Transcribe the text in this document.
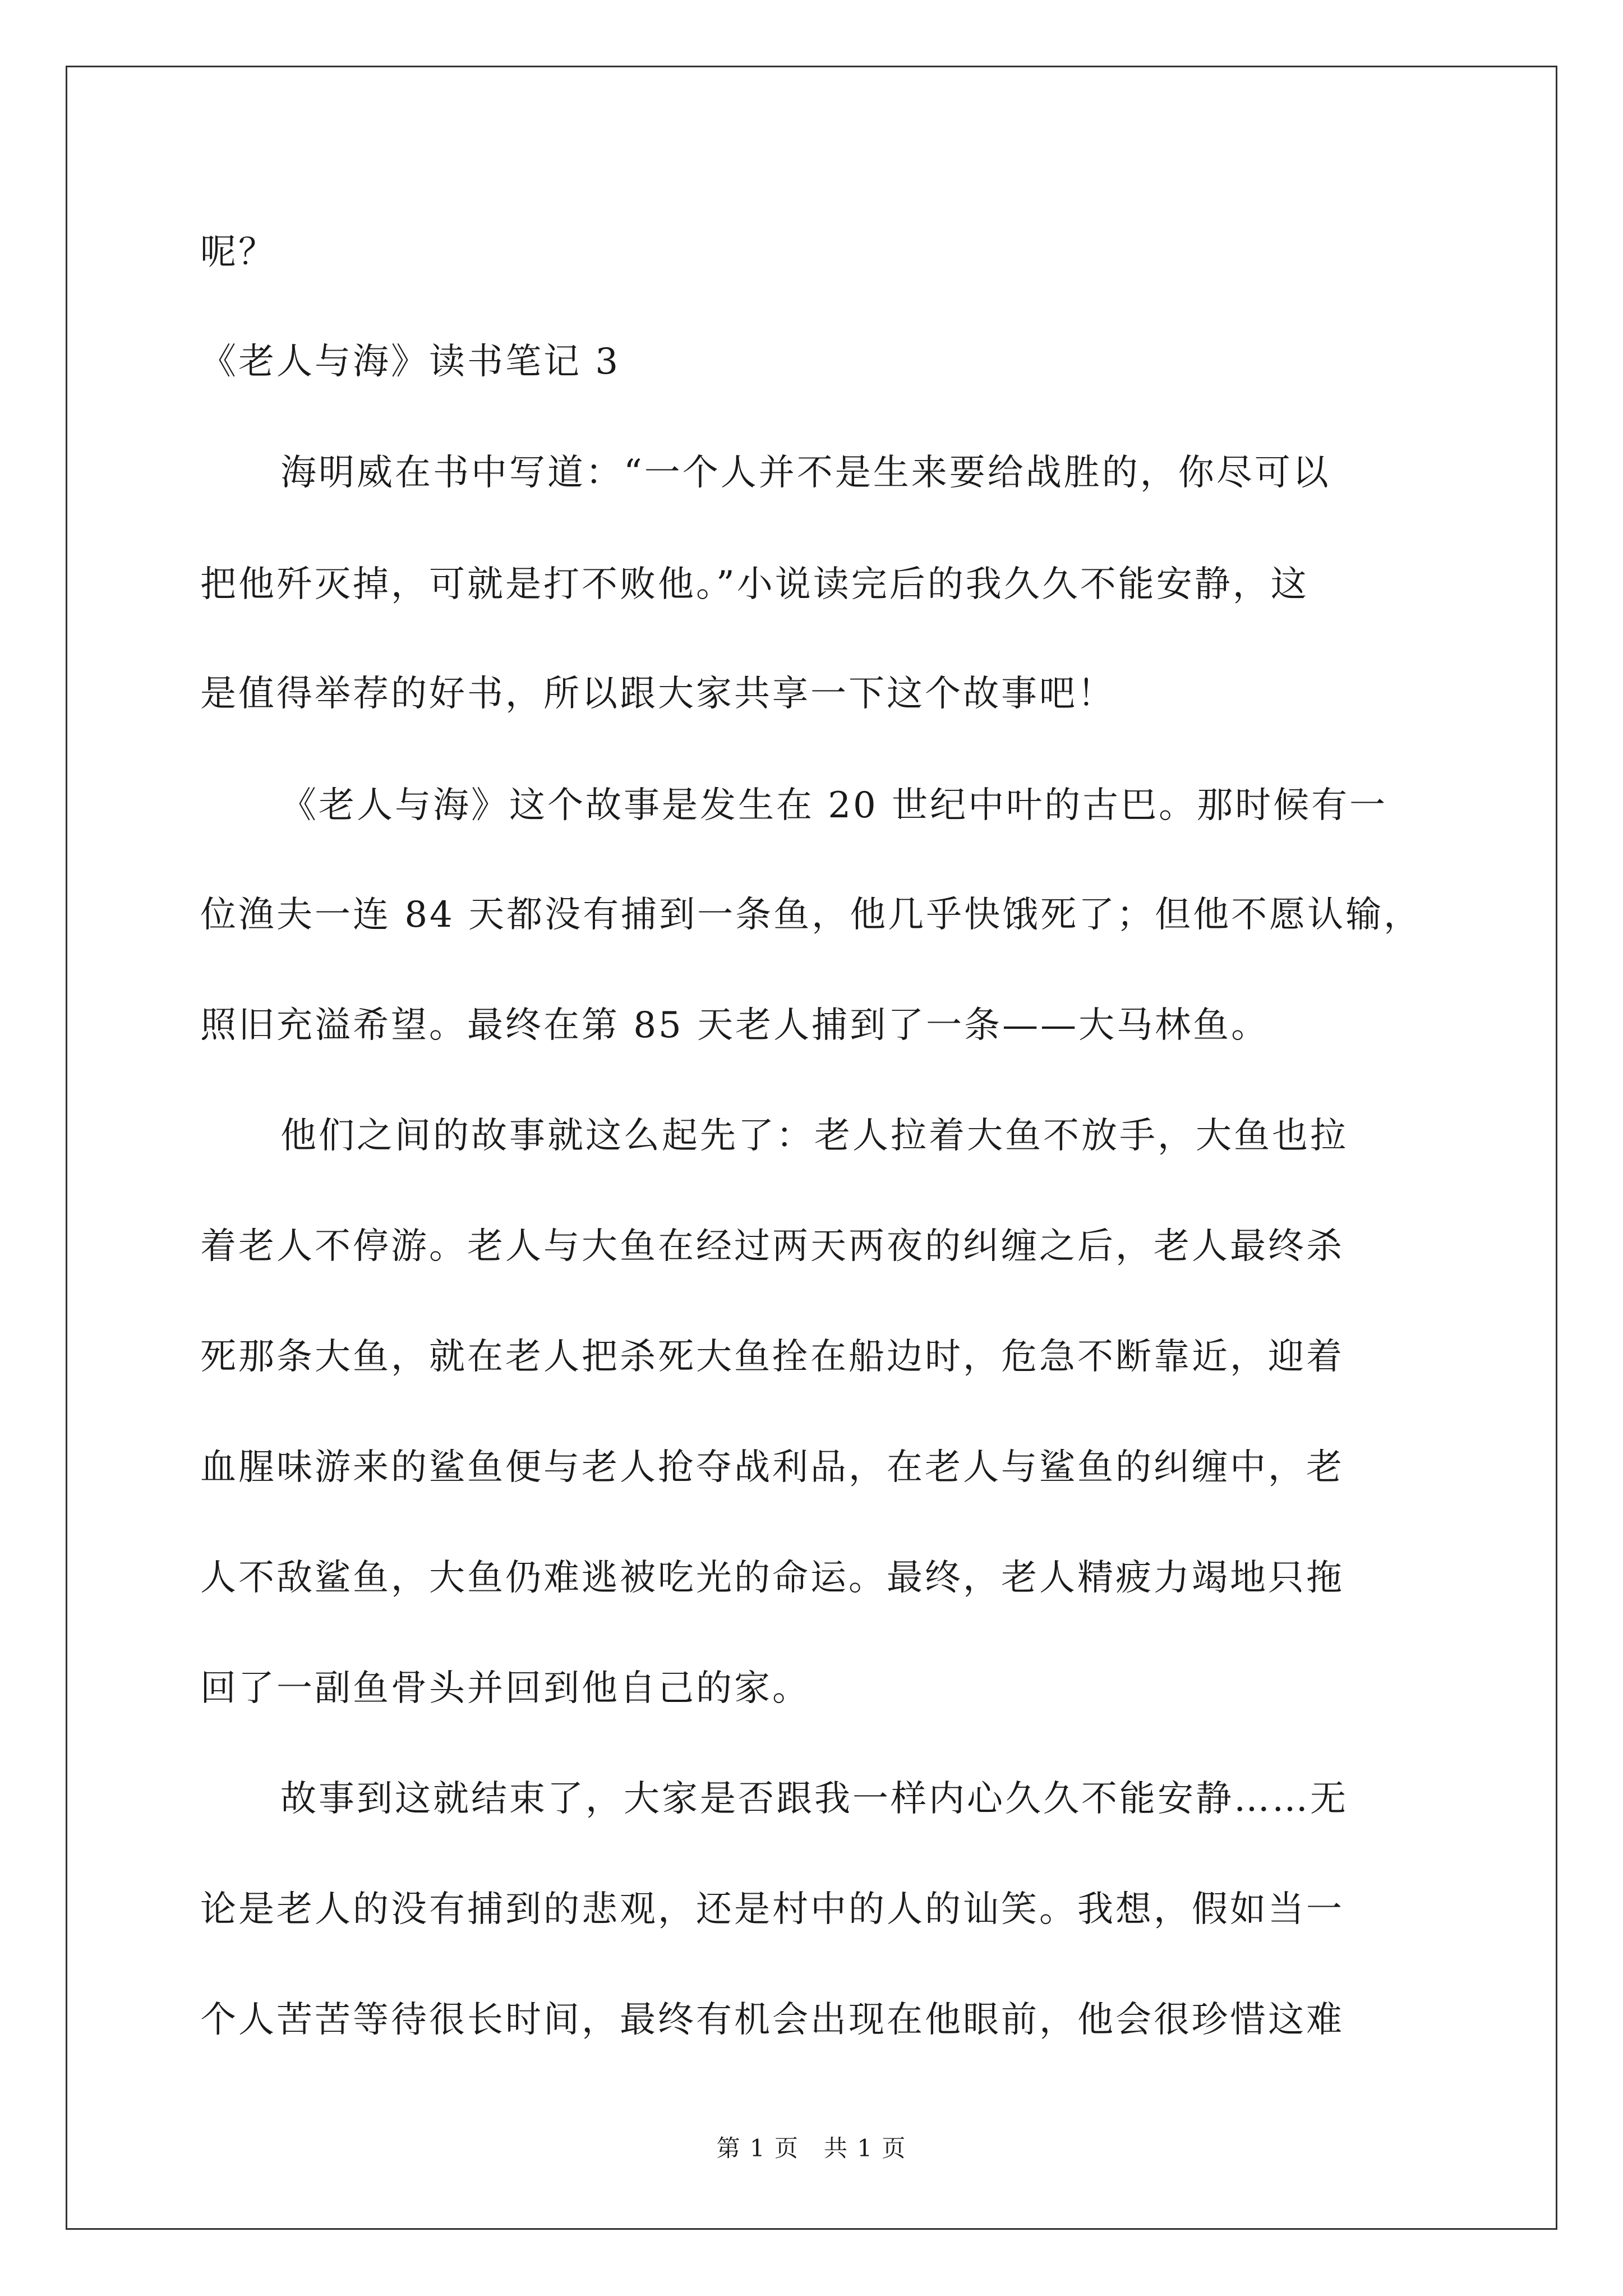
呢？
《老人与海》读书笔记 3
海明威在书中写道：“一个人并不是生来要给战胜的，你尽可以
把他歼灭掉，可就是打不败他。”小说读完后的我久久不能安静，这
是值得举荐的好书，所以跟大家共享一下这个故事吧！
《老人与海》这个故事是发生在 20 世纪中叶的古巴。那时候有一
位渔夫一连 84 天都没有捕到一条鱼，他几乎快饿死了；但他不愿认输，
照旧充溢希望。最终在第 85 天老人捕到了一条——大马林鱼。
他们之间的故事就这么起先了：老人拉着大鱼不放手，大鱼也拉
着老人不停游。老人与大鱼在经过两天两夜的纠缠之后，老人最终杀
死那条大鱼，就在老人把杀死大鱼拴在船边时，危急不断靠近，迎着
血腥味游来的鲨鱼便与老人抢夺战利品，在老人与鲨鱼的纠缠中，老
人不敌鲨鱼，大鱼仍难逃被吃光的命运。最终，老人精疲力竭地只拖
回了一副鱼骨头并回到他自己的家。
故事到这就结束了，大家是否跟我一样内心久久不能安静……无
论是老人的没有捕到的悲观，还是村中的人的讪笑。我想，假如当一
个人苦苦等待很长时间，最终有机会出现在他眼前，他会很珍惜这难
第 1 页　共 1 页
